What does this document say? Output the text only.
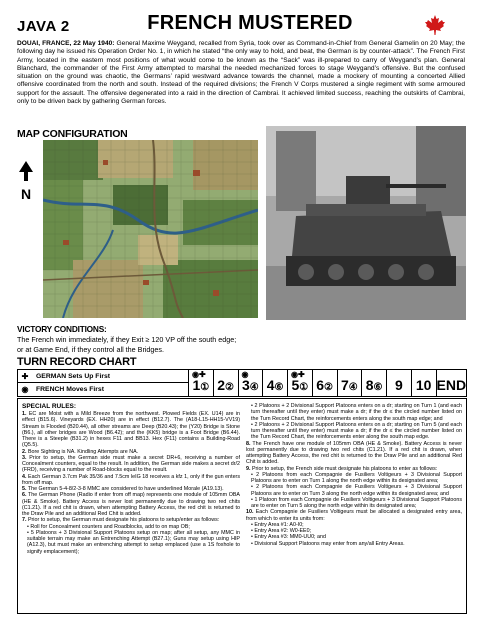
JAVA 2	FRENCH MUSTERED
DOUAI, FRANCE, 22 May 1940: General Maxime Weygand, recalled from Syria, took over as Command-in-Chief from General Gamelin on 20 May; the following day he issued his Operation Order No. 1, in which he stated “the only way to hold, and beat, the German is by counter-attack”. The French First Army, located in the eastern most positions of what would come to be known as the “Sack” was ill-prepared to carry of Weygand’s plan. General Blanchard, the commander of the First Army attempted to marshal the needed mechanized forces to stage Weygand’s offensive. But the confused situation on the ground was chaotic, the Germans’ rapid westward advance towards the channel, made a mockery of mounting a concerted Allied offensive coordinated from the north and south. Instead of the required divisions; the French V Corps mustered a single regiment with some armoured support for the assault. The offensive degenerated into a raid in the direction of Cambrai. It achieved limited success, reaching the outskirts of Cambrai, only to be driven back by gathering German forces.
MAP CONFIGURATION
N
VICTORY CONDITIONS:
The French win immediately, if they Exit ≥ 120 VP off the south edge;
or at Game End, if they control all the Bridges.
TURN RECORD CHART
✚	GERMAN Sets Up First
◉	FRENCH Moves First
◉✚
1① 2②
◉
3④ 4⑥
◉✚
5① 6② 7④ 8⑥ 9 10 END

SPECIAL RULES:

1. EC are Moist with a Mild Breeze from the northwest. Plowed Fields (EX. U14) are in effect (B15.6). Vineyards (EX. HH20) are in effect (B12.7). The (A18-L15-HH15-VV19) Stream is Flooded (B20.44), all other streams are Deep (B20.43); the (Y20) Bridge is Stone (B6.), all other bridges are Wood (B6.42); and the (KK5) bridge is a Foot Bridge (B6.44). There is a Steeple (B31.2) in hexes F11 and BB13. Hex (F11) contains a Building-Road (Q5.5).

2. Bore Sighting is NA. Kindling Attempts are NA.

3. Prior to setup, the German side must make a secret DR+6, receiving a number of Concealment counters, equal to the result. In addition, the German side makes a secret dr/2 (FRD), receiving a number of Road-blocks equal to the result.

4. Each German 3.7cm Pak 35/36 and 7.5cm leIG 18 receives a kfz 1, only if the gun enters from off map.

5. The German 5-4-8/2-3-8 MMC are considered to have underlined Morale (A19.13).

6. The German Phone (Radio if enter from off map) represents one module of 105mm OBA (HE & Smoke). Battery Access is never lost permanently due to drawing two red chits (C1.21). If a red chit is drawn, when attempting Battery Access, the red chit is returned to the Draw Pile and an additional Red Chit is added.

7. Prior to setup, the German must designate his platoons to setup/enter as follows:

• Roll for Concealment counters and Roadblocks, add to on map OB;

• 5 Platoons + 3 Divisional Support Platoons setup on map; after all setup, any MMC in suitable terrain may make an Entrenching Attempt (B27.1); Guns may setup using HIP (A12.3), but must make an entrenching attempt to setup emplaced (use a 1S foxhole to signify emplacement);

• 2 Platoons + 2 Divisional Support Platoons enters on a dr; starting on Turn 1 (and each turn thereafter until they enter) must make a dr; if the dr ≤ the circled number listed on the Turn Record Chart, the reinforcements enters along the south map edge; and

• 2 Platoons + 2 Divisional Support Platoons enters on a dr; starting on Turn 5 (and each turn thereafter until they enter) must make a dr; if the dr ≤ the circled number listed on the Turn Record Chart, the reinforcements enter along the south map edge.

8. The French have one module of 105mm OBA (HE & Smoke). Battery Access is never lost permanently due to drawing two red chits (C1.21). If a red chit is drawn, when attempting Battery Access, the red chit is returned to the Draw Pile and an additional Red Chit is added.

9. Prior to setup, the French side must designate his platoons to enter as follows:

• 2 Platoons from each Compagnie de Fusiliers Voltigeurs + 3 Divisional Support Platoons are to enter on Turn 1 along the north edge within its designated area;

• 2 Platoons from each Compagnie de Fusiliers Voltigeurs + 3 Divisional Support Platoons are to enter on Turn 3 along the north edge within its designated area; and

• 1 Platoon from each Compagnie de Fusiliers Voltigeurs + 3 Divisional Support Platoons are to enter on Turn 5 along the north edge within its designated area;

10. Each Compagnie de Fusiliers Voltigeurs must be allocated a designated entry area, from which to enter its units from:

• Entry Area #1: A0-I0;

• Entry Area #2: W0-EE0;

• Entry Area #3: MM0-UU0; and

• Divisional Support Platoons may enter from any/all Entry Areas.
